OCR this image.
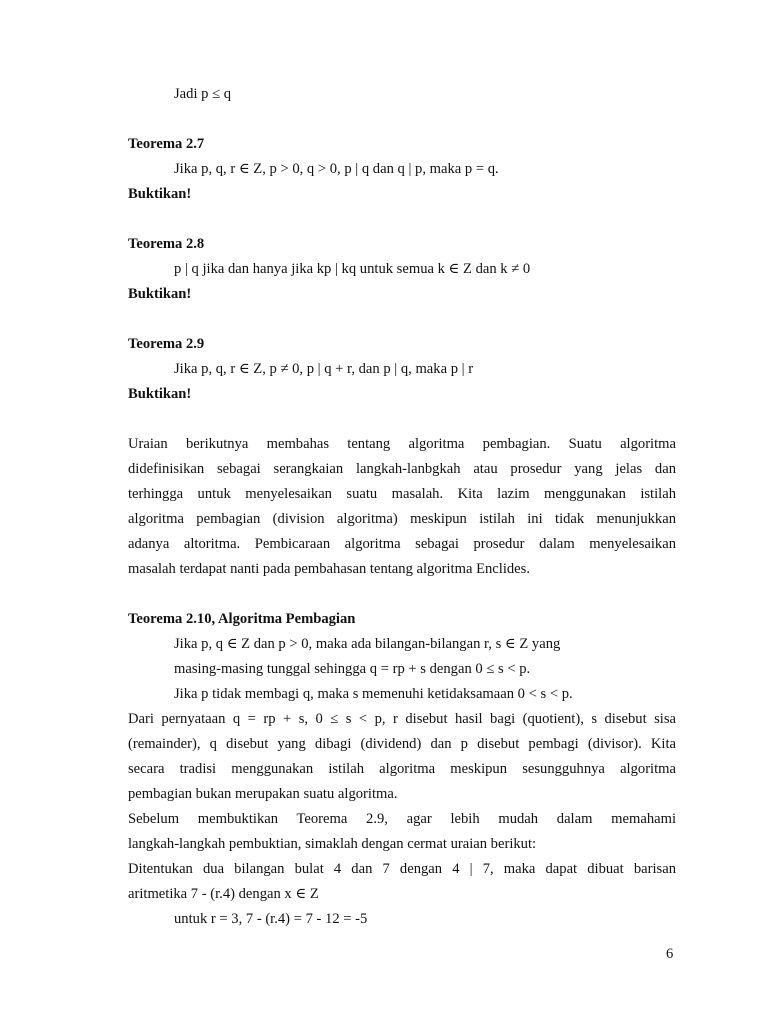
Jadi p ≤ q
Teorema 2.7
Jika p, q, r ∈ Z, p > 0, q > 0, p | q dan q | p, maka p = q.
Buktikan!
Teorema 2.8
p | q jika dan hanya jika kp | kq untuk semua k ∈ Z dan k ≠ 0
Buktikan!
Teorema 2.9
Jika p, q, r ∈ Z, p ≠ 0, p | q + r, dan p | q, maka p | r
Buktikan!
Uraian berikutnya membahas tentang algoritma pembagian. Suatu algoritma
didefinisikan sebagai serangkaian langkah-lanbgkah atau prosedur yang jelas dan
terhingga untuk menyelesaikan suatu masalah. Kita lazim menggunakan istilah
algoritma pembagian (division algoritma) meskipun istilah ini tidak menunjukkan
adanya altoritma. Pembicaraan algoritma sebagai prosedur dalam menyelesaikan
masalah terdapat nanti pada pembahasan tentang algoritma Enclides.
Teorema 2.10, Algoritma Pembagian
Jika p, q ∈ Z dan p > 0, maka ada bilangan-bilangan r, s ∈ Z yang
masing-masing tunggal sehingga q = rp + s dengan 0 ≤ s < p.
Jika p tidak membagi q, maka s memenuhi ketidaksamaan 0 < s < p.
Dari pernyataan q = rp + s, 0 ≤ s < p, r disebut hasil bagi (quotient), s disebut sisa
(remainder), q disebut yang dibagi (dividend) dan p disebut pembagi (divisor). Kita
secara tradisi menggunakan istilah algoritma meskipun sesungguhnya algoritma
pembagian bukan merupakan suatu algoritma.
Sebelum membuktikan Teorema 2.9, agar lebih mudah dalam memahami
langkah-langkah pembuktian, simaklah dengan cermat uraian berikut:
Ditentukan dua bilangan bulat 4 dan 7 dengan 4 | 7, maka dapat dibuat barisan
aritmetika 7 - (r.4) dengan x ∈ Z
untuk r = 3, 7 - (r.4) = 7 - 12 = -5
6
